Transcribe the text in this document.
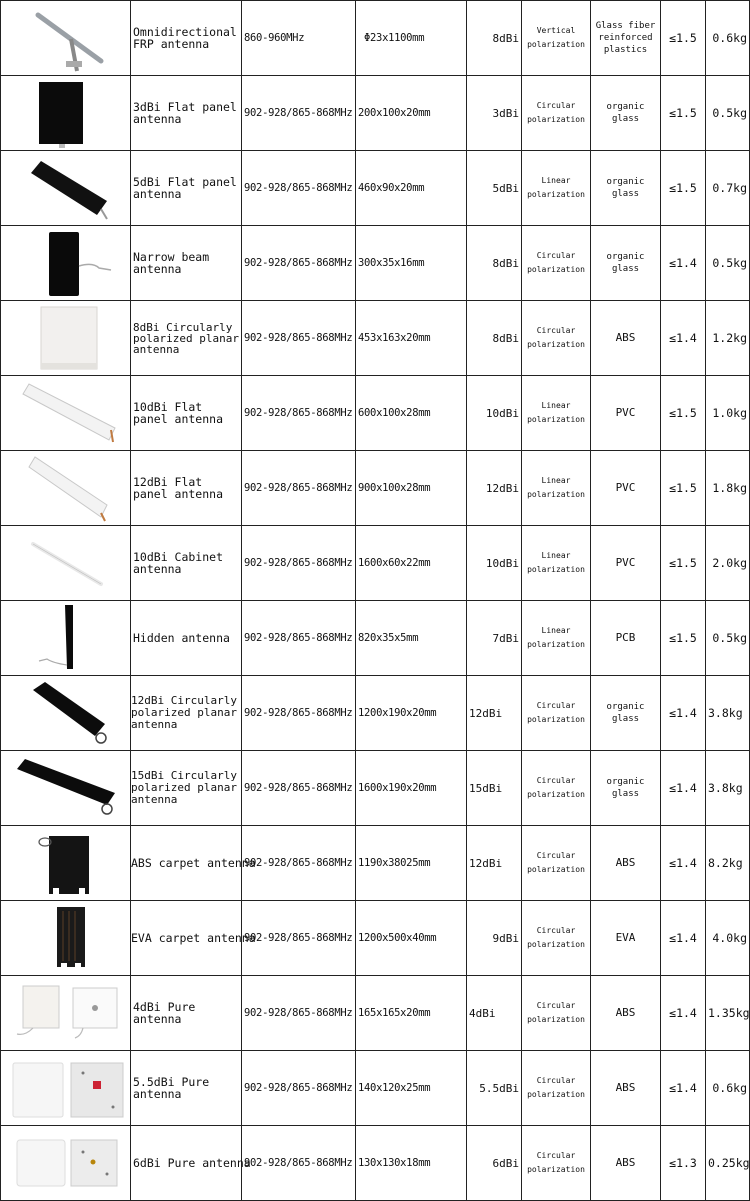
	Omnidirectional FRP antenna	860-960MHz	Φ23x1100mm	8dBi	Vertical polarization	Glass fiber reinforced plastics	≤1.5	0.6kg

	3dBi Flat panel antenna	902-928/865-868MHz	200x100x20mm	3dBi	Circular polarization	organic glass	≤1.5	0.5kg

	5dBi Flat panel antenna	902-928/865-868MHz	460x90x20mm	5dBi	Linear polarization	organic glass	≤1.5	0.7kg

	Narrow beam antenna	902-928/865-868MHz	300x35x16mm	8dBi	Circular polarization	organic glass	≤1.4	0.5kg

	8dBi Circularly polarized planar antenna	902-928/865-868MHz	453x163x20mm	8dBi	Circular polarization	ABS	≤1.4	1.2kg

	10dBi Flat panel antenna	902-928/865-868MHz	600x100x28mm	10dBi	Linear polarization	PVC	≤1.5	1.0kg

	12dBi Flat panel antenna	902-928/865-868MHz	900x100x28mm	12dBi	Linear polarization	PVC	≤1.5	1.8kg

	10dBi Cabinet antenna	902-928/865-868MHz	1600x60x22mm	10dBi	Linear polarization	PVC	≤1.5	2.0kg

	Hidden antenna	902-928/865-868MHz	820x35x5mm	7dBi	Linear polarization	PCB	≤1.5	0.5kg

	12dBi Circularly polarized planar antenna	902-928/865-868MHz	1200x190x20mm	12dBi	Circular polarization	organic glass	≤1.4	3.8kg

	15dBi Circularly polarized planar antenna	902-928/865-868MHz	1600x190x20mm	15dBi	Circular polarization	organic glass	≤1.4	3.8kg

	ABS carpet antenna	902-928/865-868MHz	1190x38025mm	12dBi	Circular polarization	ABS	≤1.4	8.2kg

	EVA carpet antenna	902-928/865-868MHz	1200x500x40mm	9dBi	Circular polarization	EVA	≤1.4	4.0kg

	4dBi Pure antenna	902-928/865-868MHz	165x165x20mm	4dBi	Circular polarization	ABS	≤1.4	1.35kg

	5.5dBi Pure antenna	902-928/865-868MHz	140x120x25mm	5.5dBi	Circular polarization	ABS	≤1.4	0.6kg

	6dBi Pure antenna	902-928/865-868MHz	130x130x18mm	6dBi	Circular polarization	ABS	≤1.3	0.25kg
